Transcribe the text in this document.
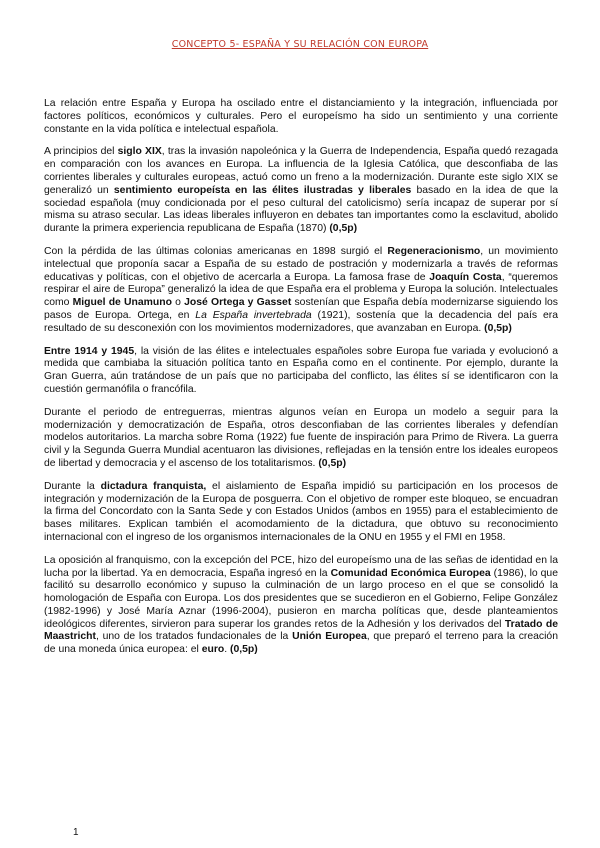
CONCEPTO 5- ESPAÑA Y SU RELACIÓN CON EUROPA

La relación entre España y Europa ha oscilado entre el distanciamiento y la integración, influenciada por factores políticos, económicos y culturales. Pero el europeísmo ha sido un sentimiento y una corriente constante en la vida política e intelectual española.

A principios del siglo XIX, tras la invasión napoleónica y la Guerra de Independencia, España quedó rezagada en comparación con los avances en Europa. La influencia de la Iglesia Católica, que desconfiaba de las corrientes liberales y culturales europeas, actuó como un freno a la modernización. Durante este siglo XIX se generalizó un sentimiento europeísta en las élites ilustradas y liberales basado en la idea de que la sociedad española (muy condicionada por el peso cultural del catolicismo) sería incapaz de superar por sí misma su atraso secular. Las ideas liberales influyeron en debates tan importantes como la esclavitud, abolido durante la primera experiencia republicana de España (1870) (0,5p)

Con la pérdida de las últimas colonias americanas en 1898 surgió el Regeneracionismo, un movimiento intelectual que proponía sacar a España de su estado de postración y modernizarla a través de reformas educativas y políticas, con el objetivo de acercarla a Europa. La famosa frase de Joaquín Costa, “queremos respirar el aire de Europa” generalizó la idea de que España era el problema y Europa la solución. Intelectuales como Miguel de Unamuno o José Ortega y Gasset sostenían que España debía modernizarse siguiendo los pasos de Europa. Ortega, en La España invertebrada (1921), sostenía que la decadencia del país era resultado de su desconexión con los movimientos modernizadores, que avanzaban en Europa. (0,5p)

Entre 1914 y 1945, la visión de las élites e intelectuales españoles sobre Europa fue variada y evolucionó a medida que cambiaba la situación política tanto en España como en el continente. Por ejemplo, durante la Gran Guerra, aún tratándose de un país que no participaba del conflicto, las élites sí se identificaron con la cuestión germanófila o francófila.

Durante el periodo de entreguerras, mientras algunos veían en Europa un modelo a seguir para la modernización y democratización de España, otros desconfiaban de las corrientes liberales y defendían modelos autoritarios. La marcha sobre Roma (1922) fue fuente de inspiración para Primo de Rivera. La guerra civil y la Segunda Guerra Mundial acentuaron las divisiones, reflejadas en la tensión entre los ideales europeos de libertad y democracia y el ascenso de los totalitarismos. (0,5p)

Durante la dictadura franquista, el aislamiento de España impidió su participación en los procesos de integración y modernización de la Europa de posguerra. Con el objetivo de romper este bloqueo, se encuadran la firma del Concordato con la Santa Sede y con Estados Unidos (ambos en 1955) para el establecimiento de bases militares. Explican también el acomodamiento de la dictadura, que obtuvo su reconocimiento internacional con el ingreso de los organismos internacionales de la ONU en 1955 y el FMI en 1958.

La oposición al franquismo, con la excepción del PCE, hizo del europeísmo una de las señas de identidad en la lucha por la libertad. Ya en democracia, España ingresó en la Comunidad Económica Europea (1986), lo que facilitó su desarrollo económico y supuso la culminación de un largo proceso en el que se consolidó la homologación de España con Europa. Los dos presidentes que se sucedieron en el Gobierno, Felipe González (1982-1996) y José María Aznar (1996-2004), pusieron en marcha políticas que, desde planteamientos ideológicos diferentes, sirvieron para superar los grandes retos de la Adhesión y los derivados del Tratado de Maastricht, uno de los tratados fundacionales de la Unión Europea, que preparó el terreno para la creación de una moneda única europea: el euro. (0,5p)

1
